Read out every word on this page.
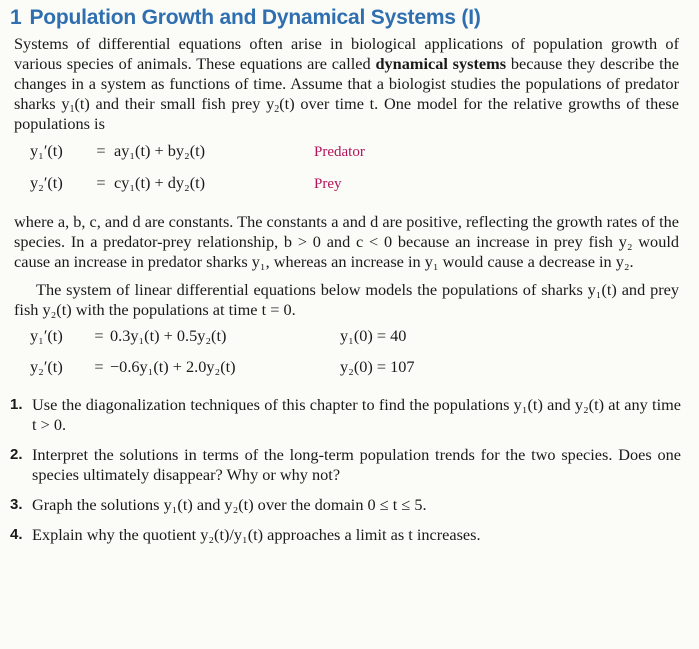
1 Population Growth and Dynamical Systems (I)

Systems of differential equations often arise in biological applications of population growth of various species of animals. These equations are called dynamical systems because they describe the changes in a system as functions of time. Assume that a biologist studies the populations of predator sharks $y_1(t)$ and their small fish prey $y_2(t)$ over time t. One model for the relative growths of these populations is

y₁′(t)	= ay₁(t) + by₂(t)	Predator
y₂′(t)	= cy₁(t) + dy₂(t)	Prey

where a, b, c, and d are constants. The constants a and d are positive, reflecting the growth rates of the species. In a predator-prey relationship, b > 0 and c < 0 because an increase in prey fish y₂ would cause an increase in predator sharks y₁, whereas an increase in y₁ would cause a decrease in y₂.

The system of linear differential equations below models the populations of sharks y₁(t) and prey fish y₂(t) with the populations at time t = 0.

y₁′(t)	= 0.3y₁(t) + 0.5y₂(t)	y₁(0) = 40
y₂′(t)	= −0.6y₁(t) + 2.0y₂(t)	y₂(0) = 107
1. Use the diagonalization techniques of this chapter to find the populations y₁(t) and y₂(t) at any time t > 0.
2. Interpret the solutions in terms of the long-term population trends for the two species. Does one species ultimately disappear? Why or why not?
3. Graph the solutions y₁(t) and y₂(t) over the domain 0 ≤ t ≤ 5.
4. Explain why the quotient y₂(t)/y₁(t) approaches a limit as t increases.
